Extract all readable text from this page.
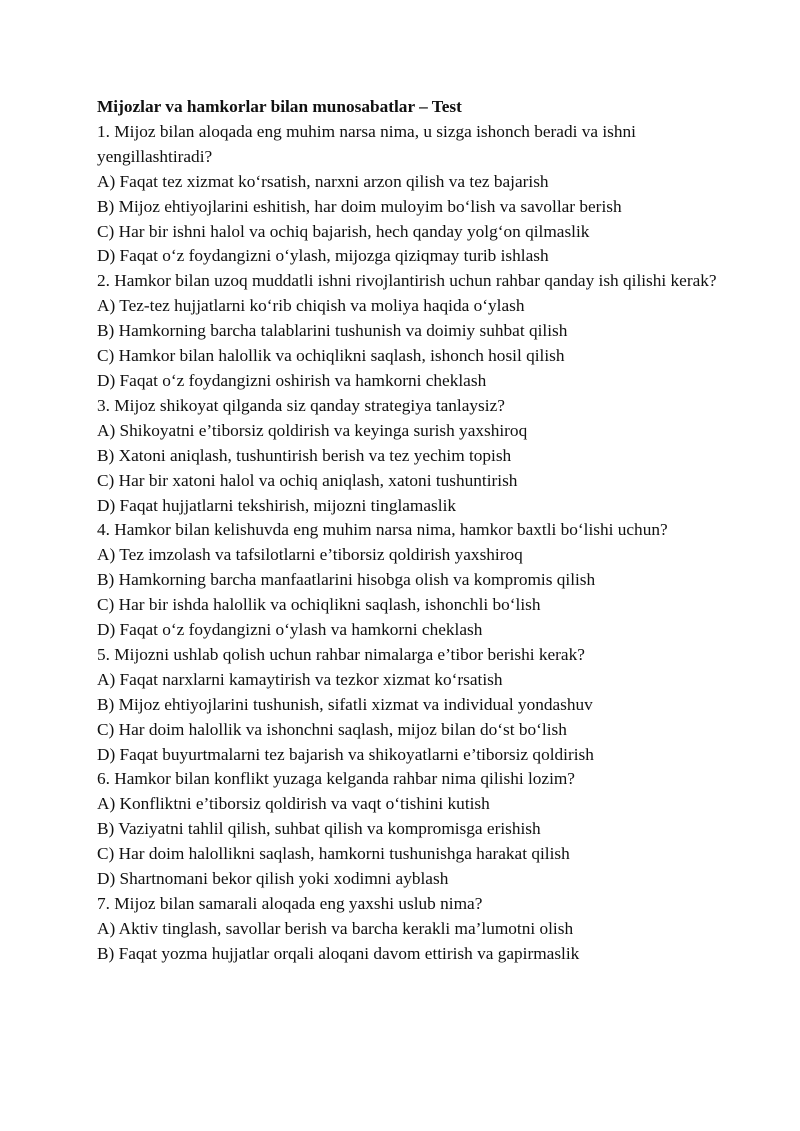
Mijozlar va hamkorlar bilan munosabatlar – Test

1. Mijoz bilan aloqada eng muhim narsa nima, u sizga ishonch beradi va ishni yengillashtiradi?

A) Faqat tez xizmat ko‘rsatish, narxni arzon qilish va tez bajarish

B) Mijoz ehtiyojlarini eshitish, har doim muloyim bo‘lish va savollar berish

C) Har bir ishni halol va ochiq bajarish, hech qanday yolg‘on qilmaslik

D) Faqat o‘z foydangizni o‘ylash, mijozga qiziqmay turib ishlash

2. Hamkor bilan uzoq muddatli ishni rivojlantirish uchun rahbar qanday ish qilishi kerak?

A) Tez-tez hujjatlarni ko‘rib chiqish va moliya haqida o‘ylash

B) Hamkorning barcha talablarini tushunish va doimiy suhbat qilish

C) Hamkor bilan halollik va ochiqlikni saqlash, ishonch hosil qilish

D) Faqat o‘z foydangizni oshirish va hamkorni cheklash

3. Mijoz shikoyat qilganda siz qanday strategiya tanlaysiz?

A) Shikoyatni e’tiborsiz qoldirish va keyinga surish yaxshiroq

B) Xatoni aniqlash, tushuntirish berish va tez yechim topish

C) Har bir xatoni halol va ochiq aniqlash, xatoni tushuntirish

D) Faqat hujjatlarni tekshirish, mijozni tinglamaslik

4. Hamkor bilan kelishuvda eng muhim narsa nima, hamkor baxtli bo‘lishi uchun?

A) Tez imzolash va tafsilotlarni e’tiborsiz qoldirish yaxshiroq

B) Hamkorning barcha manfaatlarini hisobga olish va kompromis qilish

C) Har bir ishda halollik va ochiqlikni saqlash, ishonchli bo‘lish

D) Faqat o‘z foydangizni o‘ylash va hamkorni cheklash

5. Mijozni ushlab qolish uchun rahbar nimalarga e’tibor berishi kerak?

A) Faqat narxlarni kamaytirish va tezkor xizmat ko‘rsatish

B) Mijoz ehtiyojlarini tushunish, sifatli xizmat va individual yondashuv

C) Har doim halollik va ishonchni saqlash, mijoz bilan do‘st bo‘lish

D) Faqat buyurtmalarni tez bajarish va shikoyatlarni e’tiborsiz qoldirish

6. Hamkor bilan konflikt yuzaga kelganda rahbar nima qilishi lozim?

A) Konfliktni e’tiborsiz qoldirish va vaqt o‘tishini kutish

B) Vaziyatni tahlil qilish, suhbat qilish va kompromisga erishish

C) Har doim halollikni saqlash, hamkorni tushunishga harakat qilish

D) Shartnomani bekor qilish yoki xodimni ayblash

7. Mijoz bilan samarali aloqada eng yaxshi uslub nima?

A) Aktiv tinglash, savollar berish va barcha kerakli ma’lumotni olish

B) Faqat yozma hujjatlar orqali aloqani davom ettirish va gapirmaslik
